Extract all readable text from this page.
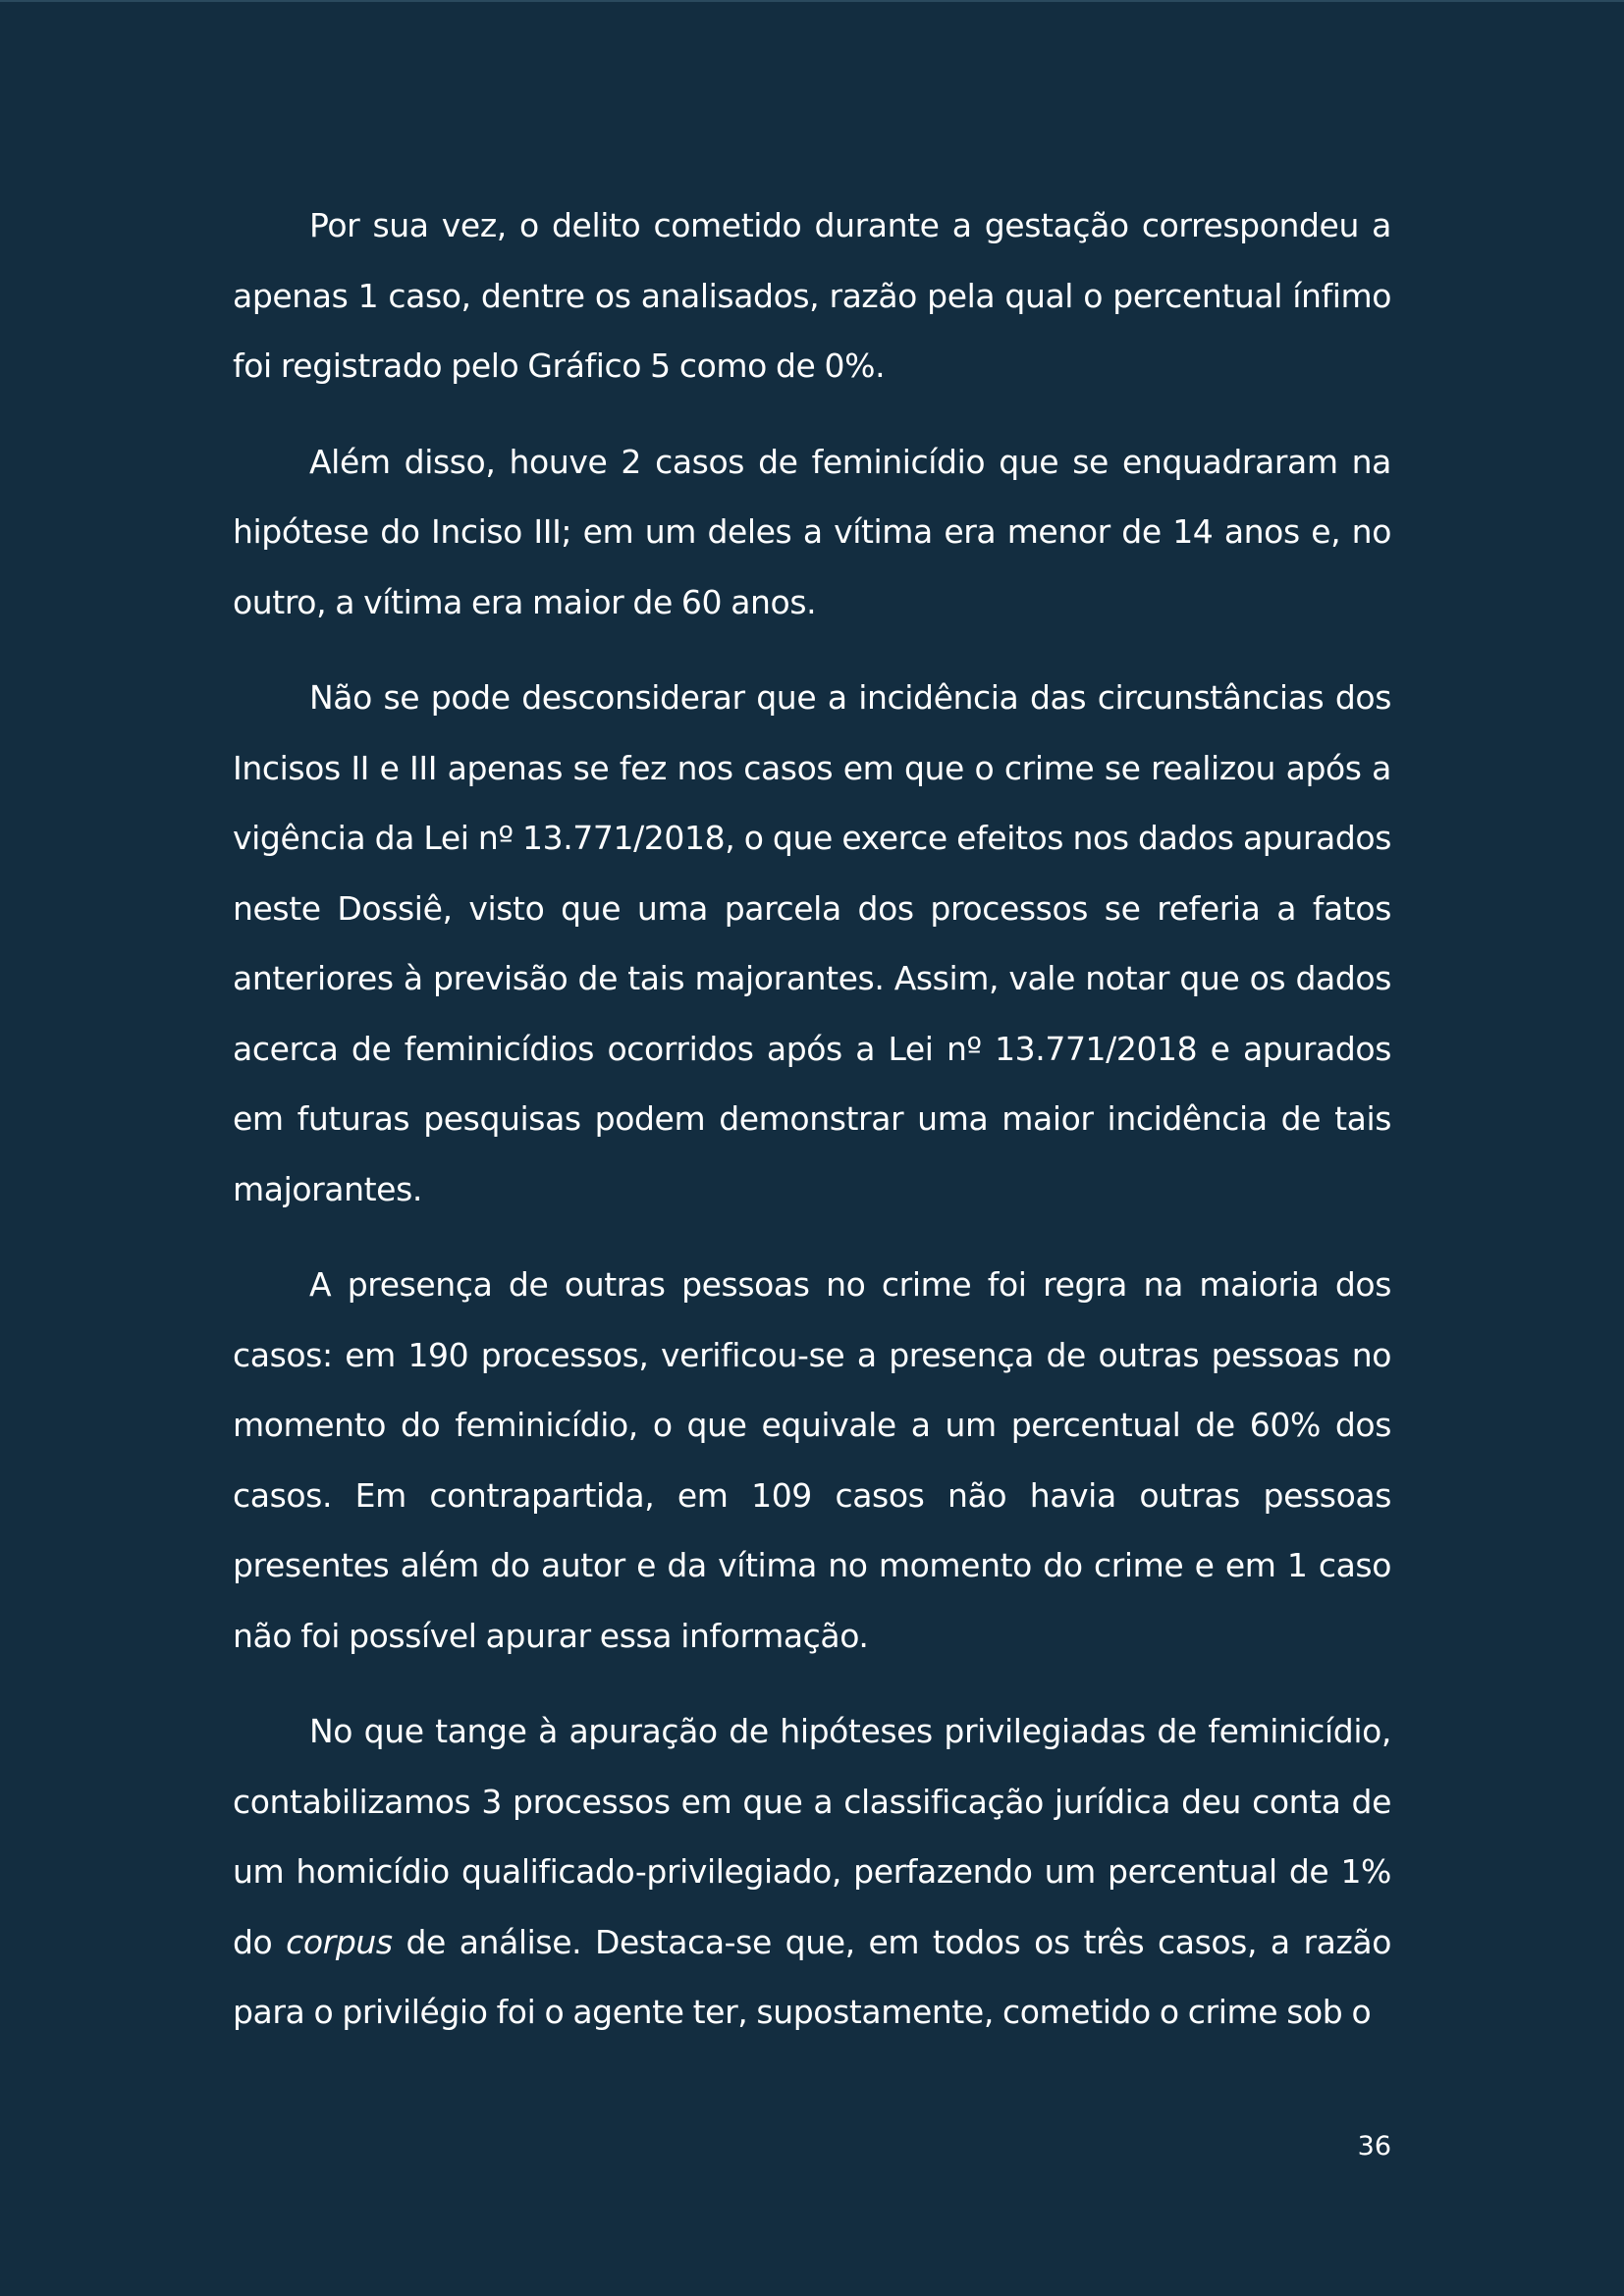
Por sua vez, o delito cometido durante a gestação correspondeu a apenas 1 caso, dentre os analisados, razão pela qual o percentual ínfimo foi registrado pelo Gráfico 5 como de 0%.

Além disso, houve 2 casos de feminicídio que se enquadraram na hipótese do Inciso III; em um deles a vítima era menor de 14 anos e, no outro, a vítima era maior de 60 anos.

Não se pode desconsiderar que a incidência das circunstâncias dos Incisos II e III apenas se fez nos casos em que o crime se realizou após a vigência da Lei nº 13.771/2018, o que exerce efeitos nos dados apurados neste Dossiê, visto que uma parcela dos processos se referia a fatos anteriores à previsão de tais majorantes. Assim, vale notar que os dados acerca de feminicídios ocorridos após a Lei nº 13.771/2018 e apurados em futuras pesquisas podem demonstrar uma maior incidência de tais majorantes.

A presença de outras pessoas no crime foi regra na maioria dos casos: em 190 processos, verificou-se a presença de outras pessoas no momento do feminicídio, o que equivale a um percentual de 60% dos casos. Em contrapartida, em 109 casos não havia outras pessoas presentes além do autor e da vítima no momento do crime e em 1 caso não foi possível apurar essa informação.

No que tange à apuração de hipóteses privilegiadas de feminicídio, contabilizamos 3 processos em que a classificação jurídica deu conta de um homicídio qualificado-privilegiado, perfazendo um percentual de 1% do corpus de análise. Destaca-se que, em todos os três casos, a razão para o privilégio foi o agente ter, supostamente, cometido o crime sob o

36
